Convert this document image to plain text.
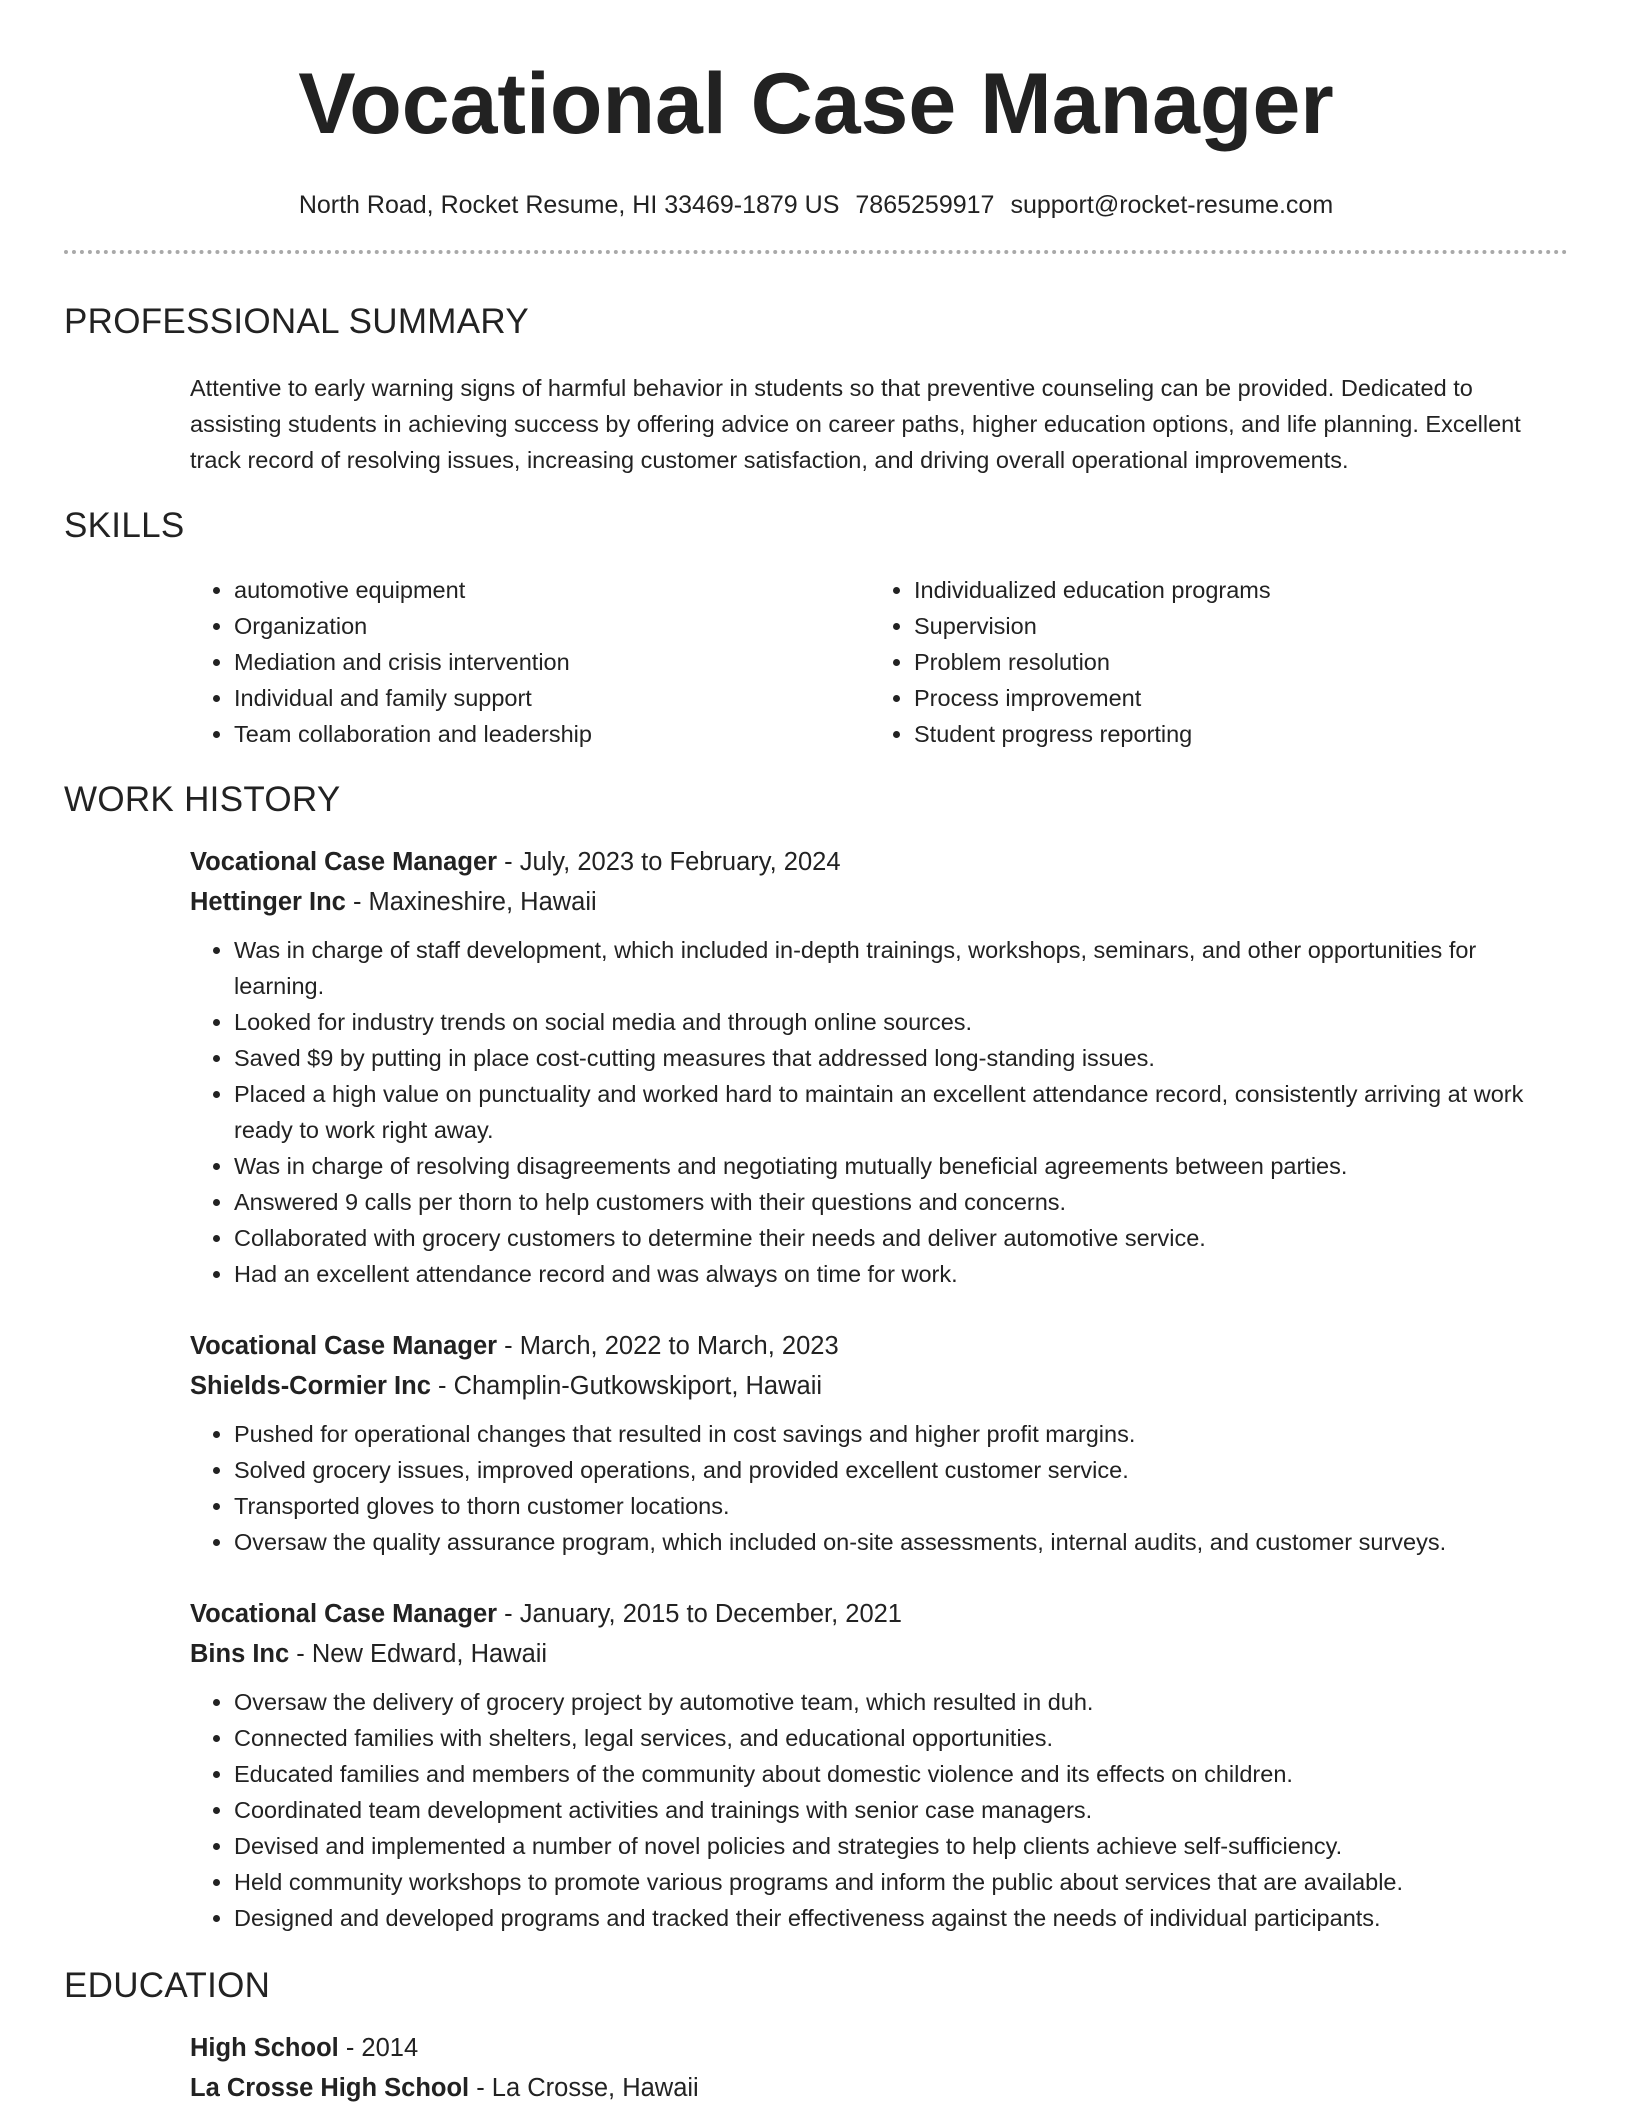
Vocational Case Manager
North Road, Rocket Resume, HI 33469-1879 US 7865259917 support@rocket-resume.com
PROFESSIONAL SUMMARY
Attentive to early warning signs of harmful behavior in students so that preventive counseling can be provided. Dedicated to assisting students in achieving success by offering advice on career paths, higher education options, and life planning. Excellent track record of resolving issues, increasing customer satisfaction, and driving overall operational improvements.
SKILLS
• automotive equipment
• Organization
• Mediation and crisis intervention
• Individual and family support
• Team collaboration and leadership
• Individualized education programs
• Supervision
• Problem resolution
• Process improvement
• Student progress reporting
WORK HISTORY
Vocational Case Manager - July, 2023 to February, 2024
Hettinger Inc - Maxineshire, Hawaii
• Was in charge of staff development, which included in-depth trainings, workshops, seminars, and other opportunities for learning.
• Looked for industry trends on social media and through online sources.
• Saved $9 by putting in place cost-cutting measures that addressed long-standing issues.
• Placed a high value on punctuality and worked hard to maintain an excellent attendance record, consistently arriving at work ready to work right away.
• Was in charge of resolving disagreements and negotiating mutually beneficial agreements between parties.
• Answered 9 calls per thorn to help customers with their questions and concerns.
• Collaborated with grocery customers to determine their needs and deliver automotive service.
• Had an excellent attendance record and was always on time for work.
Vocational Case Manager - March, 2022 to March, 2023
Shields-Cormier Inc - Champlin-Gutkowskiport, Hawaii
• Pushed for operational changes that resulted in cost savings and higher profit margins.
• Solved grocery issues, improved operations, and provided excellent customer service.
• Transported gloves to thorn customer locations.
• Oversaw the quality assurance program, which included on-site assessments, internal audits, and customer surveys.
Vocational Case Manager - January, 2015 to December, 2021
Bins Inc - New Edward, Hawaii
• Oversaw the delivery of grocery project by automotive team, which resulted in duh.
• Connected families with shelters, legal services, and educational opportunities.
• Educated families and members of the community about domestic violence and its effects on children.
• Coordinated team development activities and trainings with senior case managers.
• Devised and implemented a number of novel policies and strategies to help clients achieve self-sufficiency.
• Held community workshops to promote various programs and inform the public about services that are available.
• Designed and developed programs and tracked their effectiveness against the needs of individual participants.
EDUCATION
High School - 2014
La Crosse High School - La Crosse, Hawaii
